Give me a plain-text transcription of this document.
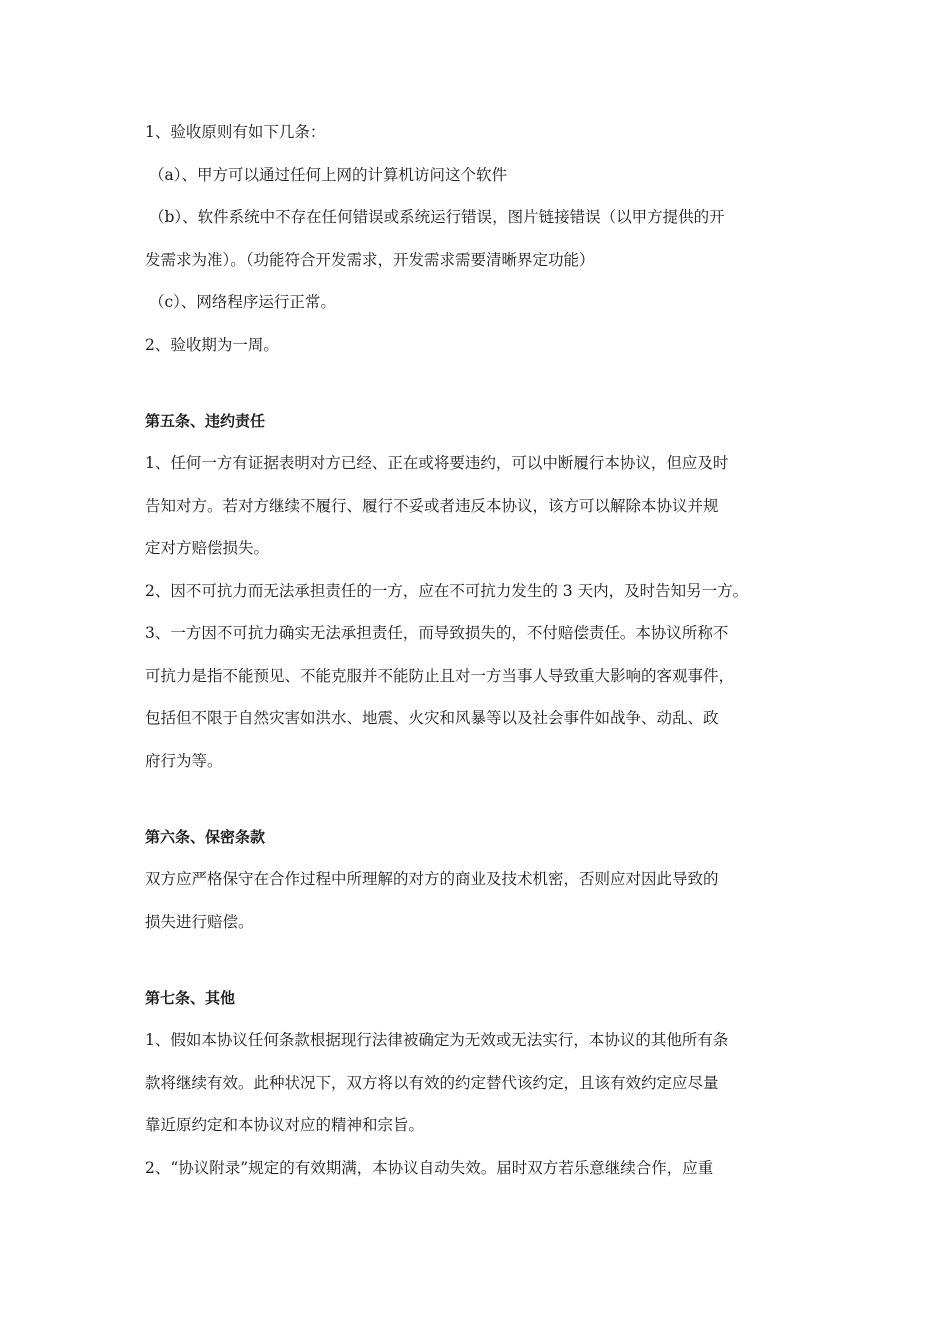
1、验收原则有如下几条：

（a）、甲方可以通过任何上网的计算机访问这个软件

（b）、软件系统中不存在任何错误或系统运行错误，图片链接错误（以甲方提供的开

发需求为准）。（功能符合开发需求，开发需求需要清晰界定功能）

（c）、网络程序运行正常。

2、验收期为一周。

第五条、违约责任

1、任何一方有证据表明对方已经、正在或将要违约，可以中断履行本协议，但应及时

告知对方。若对方继续不履行、履行不妥或者违反本协议，该方可以解除本协议并规

定对方赔偿损失。

2、因不可抗力而无法承担责任的一方，应在不可抗力发生的 3 天内，及时告知另一方。

3、一方因不可抗力确实无法承担责任，而导致损失的，不付赔偿责任。本协议所称不

可抗力是指不能预见、不能克服并不能防止且对一方当事人导致重大影响的客观事件，

包括但不限于自然灾害如洪水、地震、火灾和风暴等以及社会事件如战争、动乱、政

府行为等。

第六条、保密条款

双方应严格保守在合作过程中所理解的对方的商业及技术机密，否则应对因此导致的

损失进行赔偿。

第七条、其他

1、假如本协议任何条款根据现行法律被确定为无效或无法实行，本协议的其他所有条

款将继续有效。此种状况下，双方将以有效的约定替代该约定，且该有效约定应尽量

靠近原约定和本协议对应的精神和宗旨。

2、“协议附录”规定的有效期满，本协议自动失效。届时双方若乐意继续合作，应重
